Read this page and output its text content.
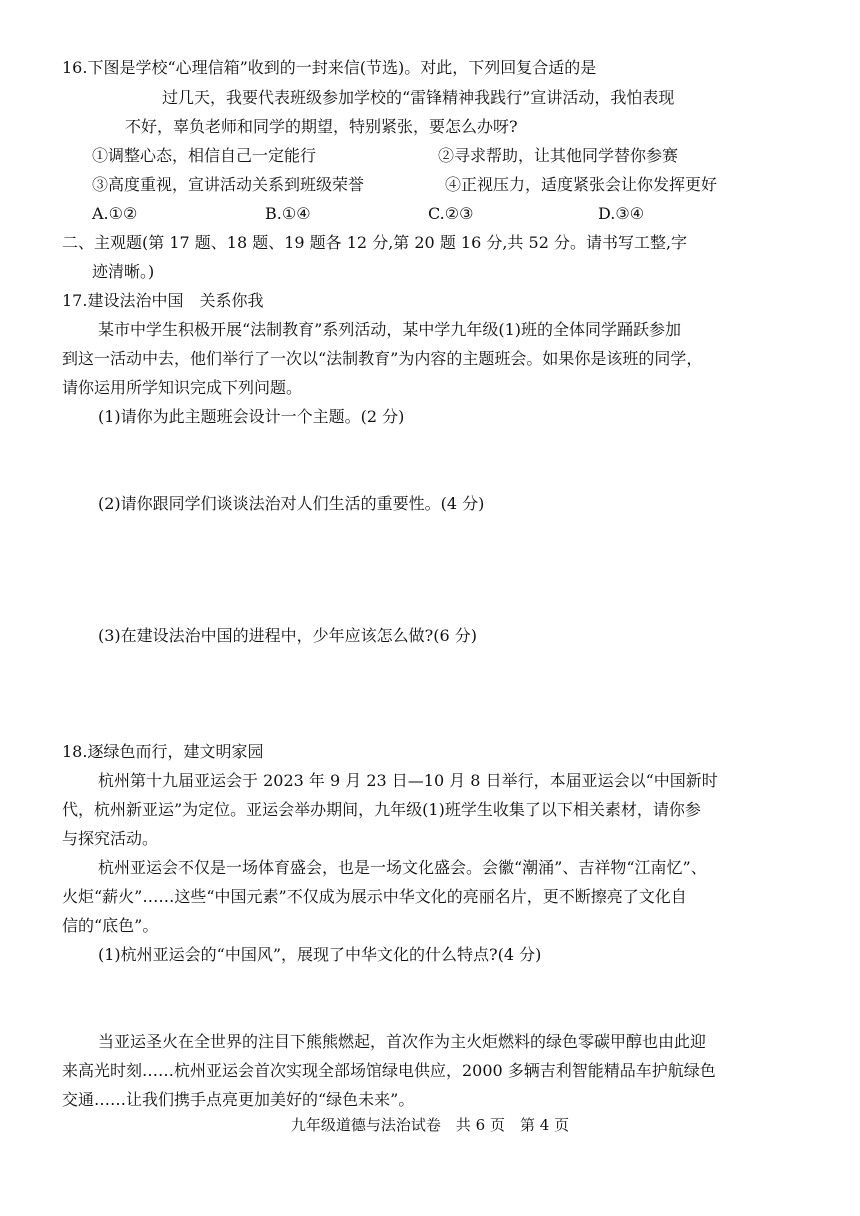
16.下图是学校“心理信箱”收到的一封来信(节选)。对此，下列回复合适的是
过几天，我要代表班级参加学校的“雷锋精神我践行”宣讲活动，我怕表现
不好，辜负老师和同学的期望，特别紧张，要怎么办呀?
①调整心态，相信自己一定能行	②寻求帮助，让其他同学替你参赛
③高度重视，宣讲活动关系到班级荣誉	④正视压力，适度紧张会让你发挥更好
A.①②	B.①④	C.②③	D.③④
二、主观题(第 17 题、18 题、19 题各 12 分,第 20 题 16 分,共 52 分。请书写工整,字
迹清晰。)
17.建设法治中国　关系你我
某市中学生积极开展“法制教育”系列活动，某中学九年级(1)班的全体同学踊跃参加
到这一活动中去，他们举行了一次以“法制教育”为内容的主题班会。如果你是该班的同学，
请你运用所学知识完成下列问题。
(1)请你为此主题班会设计一个主题。(2 分)
(2)请你跟同学们谈谈法治对人们生活的重要性。(4 分)
(3)在建设法治中国的进程中，少年应该怎么做?(6 分)
18.逐绿色而行，建文明家园
杭州第十九届亚运会于 2023 年 9 月 23 日—10 月 8 日举行，本届亚运会以“中国新时
代，杭州新亚运”为定位。亚运会举办期间，九年级(1)班学生收集了以下相关素材，请你参
与探究活动。
杭州亚运会不仅是一场体育盛会，也是一场文化盛会。会徽“潮涌”、吉祥物“江南忆”、
火炬“薪火”……这些“中国元素”不仅成为展示中华文化的亮丽名片，更不断擦亮了文化自
信的“底色”。
(1)杭州亚运会的“中国风”，展现了中华文化的什么特点?(4 分)
当亚运圣火在全世界的注目下熊熊燃起，首次作为主火炬燃料的绿色零碳甲醇也由此迎
来高光时刻……杭州亚运会首次实现全部场馆绿电供应，2000 多辆吉利智能精品车护航绿色
交通……让我们携手点亮更加美好的“绿色未来”。
九年级道德与法治试卷　共 6 页　第 4 页
